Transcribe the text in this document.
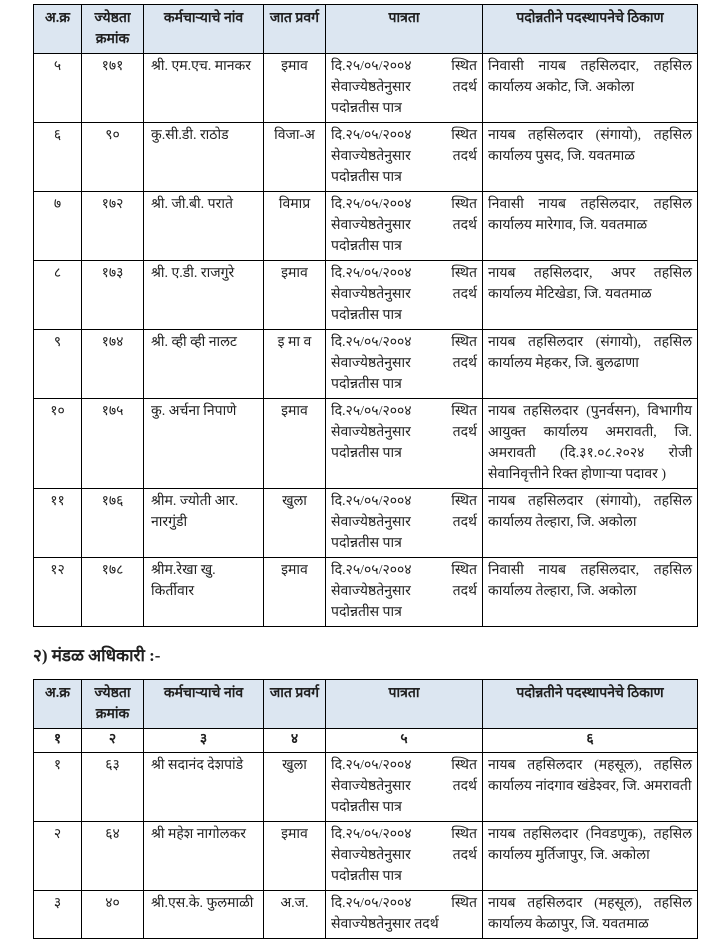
अ.क्र	ज्येष्ठता क्रमांक	कर्मचाऱ्याचे नांव	जात प्रवर्ग	पात्रता	पदोन्नतीने पदस्थापनेचे ठिकाण
५	१७१	श्री. एम.एच. मानकर	इमाव	दि.२५/०५/२००४ स्थित सेवाज्येष्ठतेनुसार तदर्थ पदोन्नतीस पात्र	निवासी नायब तहसिलदार, तहसिल कार्यालय अकोट, जि. अकोला
६	९०	कु.सी.डी. राठोड	विजा-अ	दि.२५/०५/२००४ स्थित सेवाज्येष्ठतेनुसार तदर्थ पदोन्नतीस पात्र	नायब तहसिलदार (संगायो), तहसिल कार्यालय पुसद, जि. यवतमाळ
७	१७२	श्री. जी.बी. पराते	विमाप्र	दि.२५/०५/२००४ स्थित सेवाज्येष्ठतेनुसार तदर्थ पदोन्नतीस पात्र	निवासी नायब तहसिलदार, तहसिल कार्यालय मारेगाव, जि. यवतमाळ
८	१७३	श्री. ए.डी. राजगुरे	इमाव	दि.२५/०५/२००४ स्थित सेवाज्येष्ठतेनुसार तदर्थ पदोन्नतीस पात्र	नायब तहसिलदार, अपर तहसिल कार्यालय मेटिखेडा, जि. यवतमाळ
९	१७४	श्री. व्ही व्ही नालट	इ मा व	दि.२५/०५/२००४ स्थित सेवाज्येष्ठतेनुसार तदर्थ पदोन्नतीस पात्र	नायब तहसिलदार (संगायो), तहसिल कार्यालय मेहकर, जि. बुलढाणा
१०	१७५	कु. अर्चना निपाणे	इमाव	दि.२५/०५/२००४ स्थित सेवाज्येष्ठतेनुसार तदर्थ पदोन्नतीस पात्र	नायब तहसिलदार (पुनर्वसन), विभागीय आयुक्त कार्यालय अमरावती, जि. अमरावती (दि.३१.०८.२०२४ रोजी सेवानिवृत्तीने रिक्त होणाऱ्या पदावर )
११	१७६	श्रीम. ज्योती आर. नारगुंडी	खुला	दि.२५/०५/२००४ स्थित सेवाज्येष्ठतेनुसार तदर्थ पदोन्नतीस पात्र	नायब तहसिलदार (संगायो), तहसिल कार्यालय तेल्हारा, जि. अकोला
१२	१७८	श्रीम.रेखा खु. किर्तीवार	इमाव	दि.२५/०५/२००४ स्थित सेवाज्येष्ठतेनुसार तदर्थ पदोन्नतीस पात्र	निवासी नायब तहसिलदार, तहसिल कार्यालय तेल्हारा, जि. अकोला
२) मंडळ अधिकारी :-
अ.क्र	ज्येष्ठता क्रमांक	कर्मचाऱ्याचे नांव	जात प्रवर्ग	पात्रता	पदोन्नतीने पदस्थापनेचे ठिकाण
१	२	३	४	५	६
१	६३	श्री सदानंद देशपांडे	खुला	दि.२५/०५/२००४ स्थित सेवाज्येष्ठतेनुसार तदर्थ पदोन्नतीस पात्र	नायब तहसिलदार (महसूल), तहसिल कार्यालय नांदगाव खंडेश्वर, जि. अमरावती
२	६४	श्री महेश नागोलकर	इमाव	दि.२५/०५/२००४ स्थित सेवाज्येष्ठतेनुसार तदर्थ पदोन्नतीस पात्र	नायब तहसिलदार (निवडणुक), तहसिल कार्यालय मुर्तिजापुर, जि. अकोला
३	४०	श्री.एस.के. फुलमाळी	अ.ज.	दि.२५/०५/२००४ स्थित सेवाज्येष्ठतेनुसार तदर्थ	नायब तहसिलदार (महसूल), तहसिल कार्यालय केळापुर, जि. यवतमाळ
